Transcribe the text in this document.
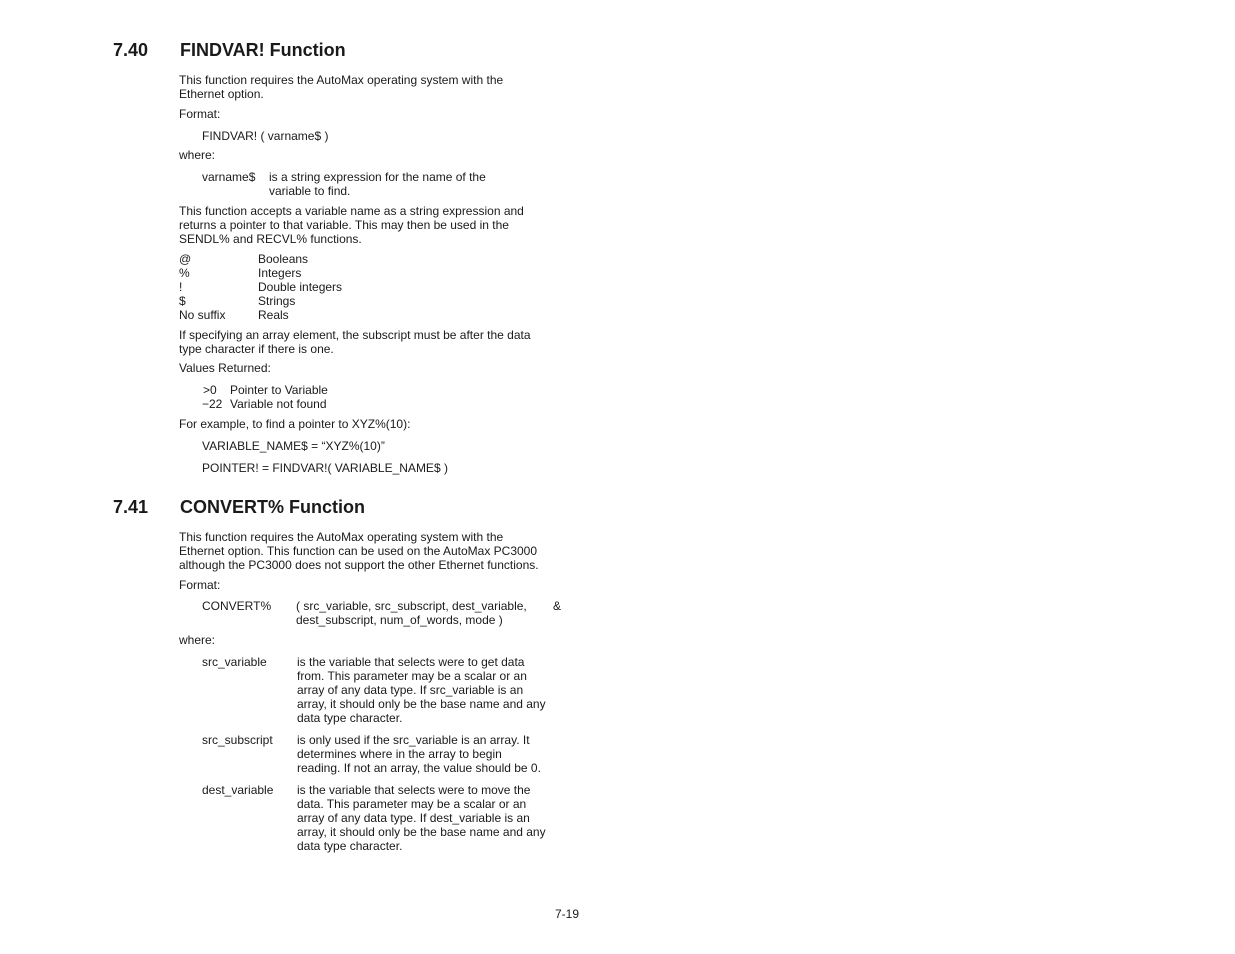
7.40 FINDVAR! Function
This function requires the AutoMax operating system with the
Ethernet option.
Format:
FINDVAR! ( varname$ )
where:
varname$ is a string expression for the name of the
variable to find.
This function accepts a variable name as a string expression and
returns a pointer to that variable. This may then be used in the
SENDL% and RECVL% functions.
@	Booleans
%	Integers
!	Double integers
$	Strings
No suffix	Reals
If specifying an array element, the subscript must be after the data
type character if there is one.
Values Returned:
>0 Pointer to Variable
−22 Variable not found
For example, to find a pointer to XYZ%(10):
VARIABLE_NAME$ = “XYZ%(10)”
POINTER! = FINDVAR!( VARIABLE_NAME$ )
7.41 CONVERT% Function
This function requires the AutoMax operating system with the
Ethernet option. This function can be used on the AutoMax PC3000
although the PC3000 does not support the other Ethernet functions.
Format:
CONVERT% ( src_variable, src_subscript, dest_variable, &
dest_subscript, num_of_words, mode )
where:
src_variable	is the variable that selects were to get data
from. This parameter may be a scalar or an
array of any data type. If src_variable is an
array, it should only be the base name and any
data type character.
src_subscript is only used if the src_variable is an array. It
determines where in the array to begin
reading. If not an array, the value should be 0.
dest_variable is the variable that selects were to move the
data. This parameter may be a scalar or an
array of any data type. If dest_variable is an
array, it should only be the base name and any
data type character.
7-19
